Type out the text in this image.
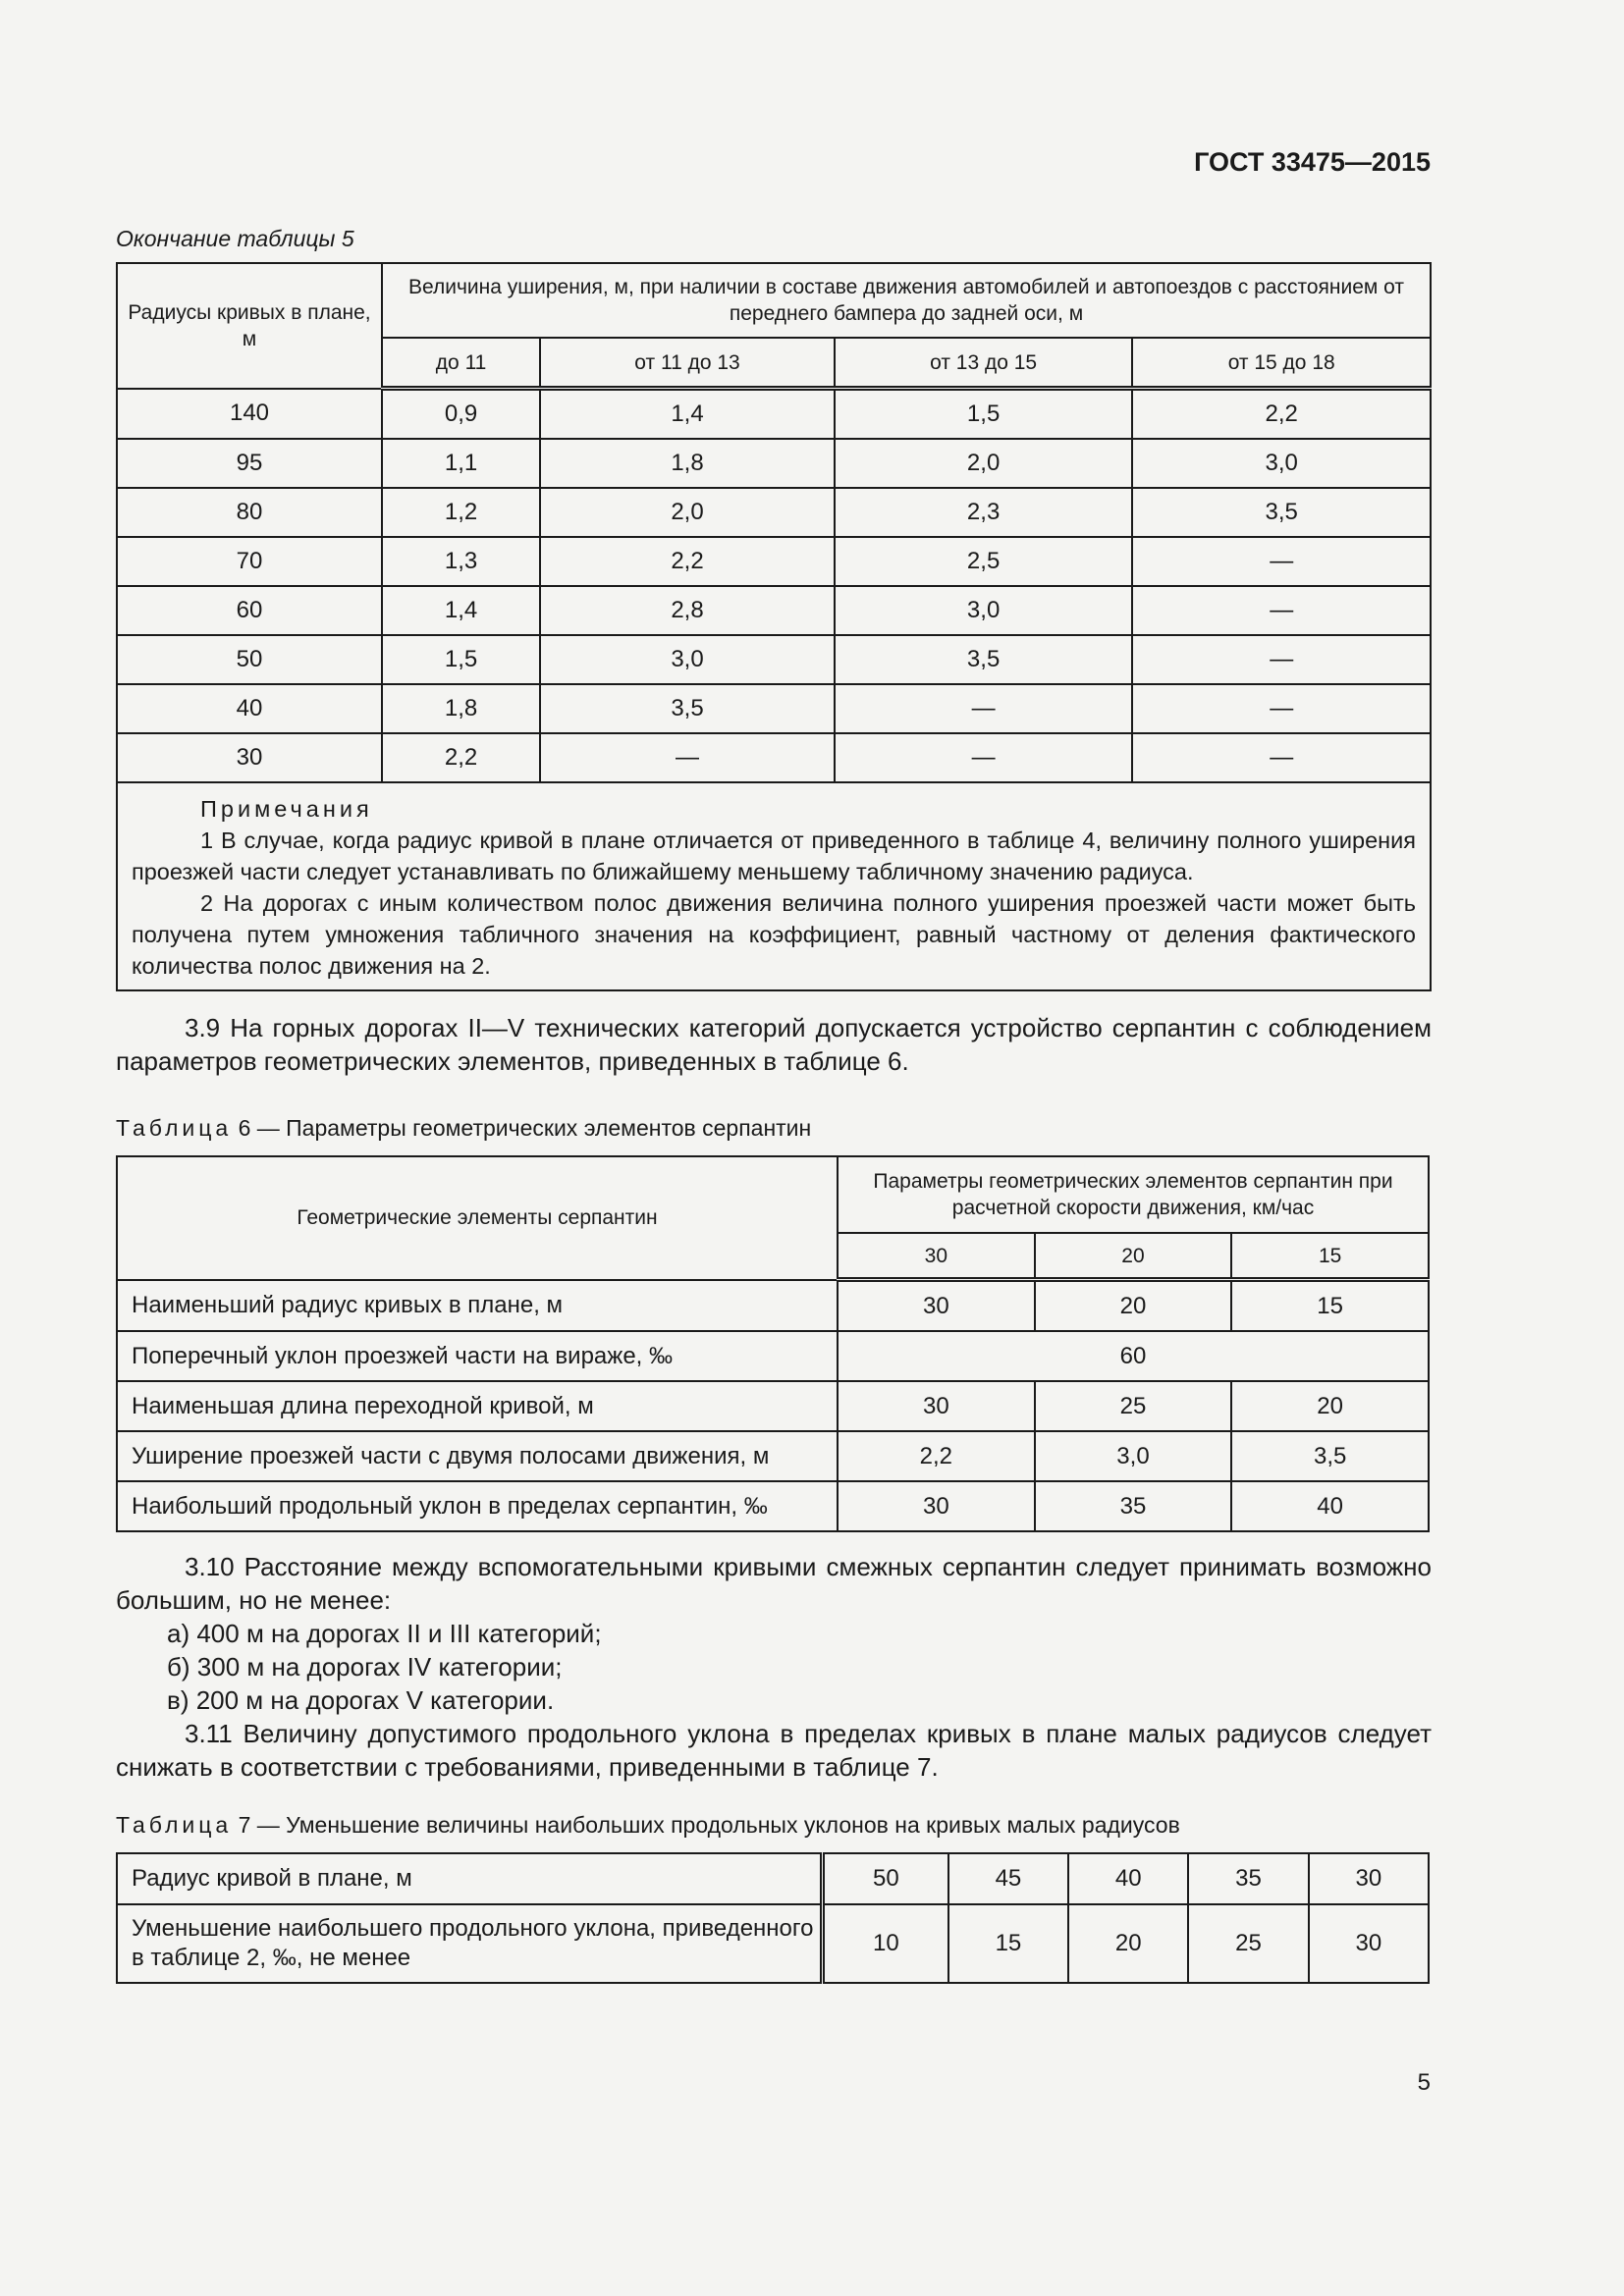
ГОСТ 33475—2015
Окончание таблицы 5
Радиусы кривых в плане, м	Величина уширения, м, при наличии в составе движения автомобилей и автопоездов с расстоянием от переднего бампера до задней оси, м			
	до 11	от 11 до 13	от 13 до 15	от 15 до 18
140	0,9	1,4	1,5	2,2
95	1,1	1,8	2,0	3,0
80	1,2	2,0	2,3	3,5
70	1,3	2,2	2,5	—
60	1,4	2,8	3,0	—
50	1,5	3,0	3,5	—
40	1,8	3,5	—	—
30	2,2	—	—	—

Примечания

1 В случае, когда радиус кривой в плане отличается от приведенного в таблице 4, величину полного уширения проезжей части следует устанавливать по ближайшему меньшему табличному значению радиуса.

2 На дорогах с иным количеством полос движения величина полного уширения проезжей части может быть получена путем умножения табличного значения на коэффициент, равный частному от деления фактического количества полос движения на 2.				

3.9 На горных дорогах II—V технических категорий допускается устройство серпантин с соблюдением параметров геометрических элементов, приведенных в таблице 6.

Таблица 6 — Параметры геометрических элементов серпантин
Геометрические элементы серпантин	Параметры геометрических элементов серпантин при расчетной скорости движения, км/час		
	30	20	15
Наименьший радиус кривых в плане, м	30	20	15
Поперечный уклон проезжей части на вираже, ‰	60		
Наименьшая длина переходной кривой, м	30	25	20
Уширение проезжей части с двумя полосами движения, м	2,2	3,0	3,5
Наибольший продольный уклон в пределах серпантин, ‰	30	35	40

3.10 Расстояние между вспомогательными кривыми смежных серпантин следует принимать возможно большим, но не менее:

а) 400 м на дорогах II и III категорий;
б) 300 м на дорогах IV категории;
в) 200 м на дорогах V категории.

3.11 Величину допустимого продольного уклона в пределах кривых в плане малых радиусов следует снижать в соответствии с требованиями, приведенными в таблице 7.

Таблица 7 — Уменьшение величины наибольших продольных уклонов на кривых малых радиусов
Радиус кривой в плане, м	50	45	40	35	30
Уменьшение наибольшего продольного уклона, приведенного в таблице 2, ‰, не менее	10	15	20	25	30
5
